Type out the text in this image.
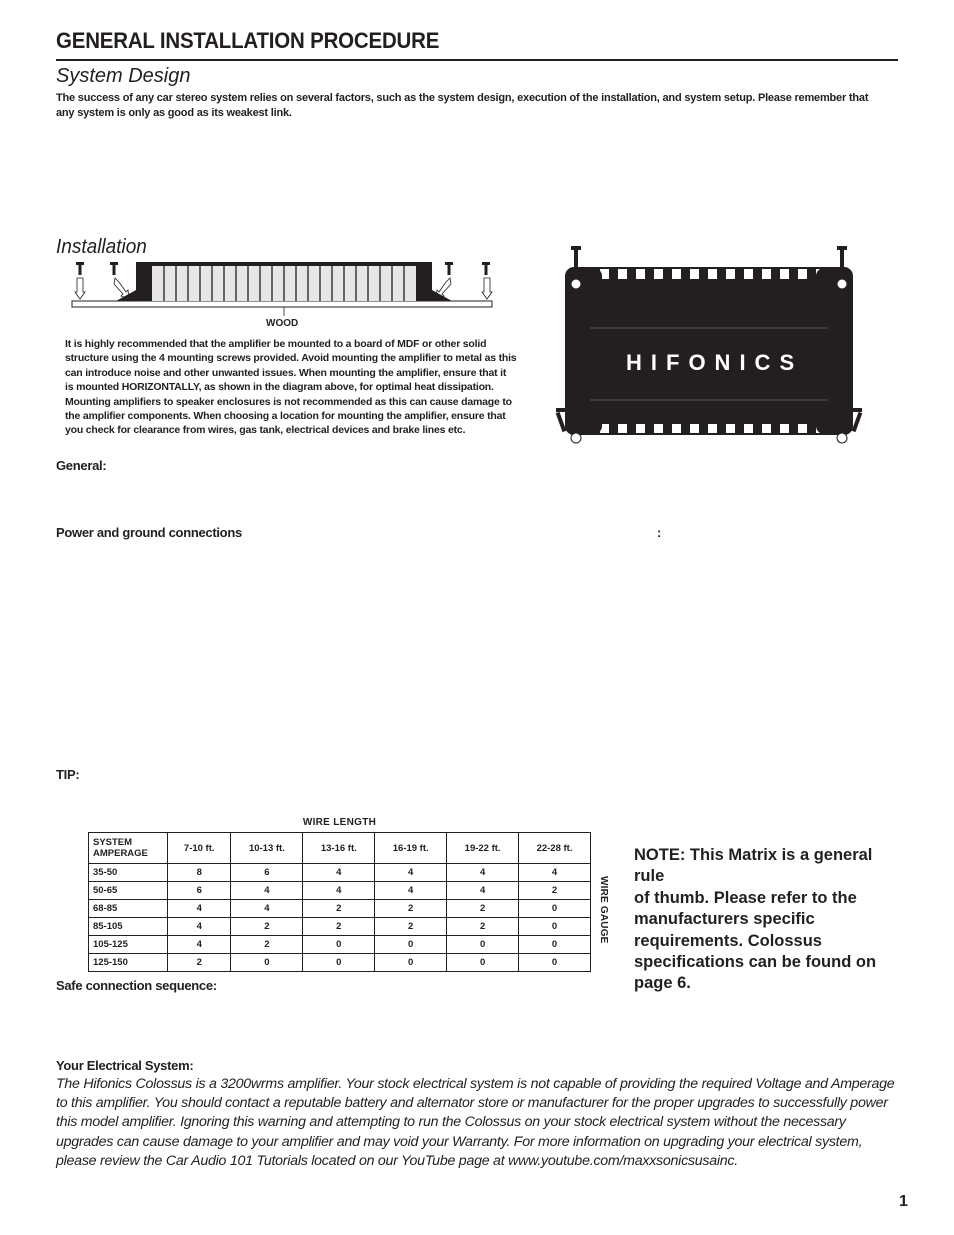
GENERAL INSTALLATION PROCEDURE
System Design
The success of any car stereo system relies on several factors, such as the system design, execution of the installation, and system setup. Please remember that any system is only as good as its weakest link.
Installation
WOOD
It is highly recommended that the amplifier be mounted to a board of MDF or other solid structure using the 4 mounting screws provided. Avoid mounting the amplifier to metal as this can introduce noise and other unwanted issues. When mounting the amplifier, ensure that it is mounted HORIZONTALLY, as shown in the diagram above, for optimal heat dissipation. Mounting amplifiers to speaker enclosures is not recommended as this can cause damage to the amplifier components. When choosing a location for mounting the amplifier, ensure that you check for clearance from wires, gas tank, electrical devices and brake lines etc.
HIFONICS
General:
Power and ground connections	:
TIP:
WIRE LENGTH
SYSTEM
AMPERAGE	7-10 ft.	10-13 ft.	13-16 ft.	16-19 ft.	19-22 ft.	22-28 ft.
35-50	8	6	4	4	4	4
50-65	6	4	4	4	4	2
68-85	4	4	2	2	2	0
85-105	4	2	2	2	2	0
105-125	4	2	0	0	0	0
125-150	2	0	0	0	0	0
WIRE GAUGE
NOTE: This Matrix is a general rule
of thumb. Please refer to the
manufacturers specific
requirements. Colossus
specifications can be found on
page 6.
Safe connection sequence:
Your Electrical System:
The Hifonics Colossus is a 3200wrms amplifier. Your stock electrical system is not capable of providing the required Voltage and Amperage to this amplifier. You should contact a reputable battery and alternator store or manufacturer for the proper upgrades to successfully power this model amplifier. Ignoring this warning and attempting to run the Colossus on your stock electrical system without the necessary upgrades can cause damage to your amplifier and may void your Warranty. For more information on upgrading your electrical system, please review the Car Audio 101 Tutorials located on our YouTube page at www.youtube.com/maxxsonicsusainc.
1
